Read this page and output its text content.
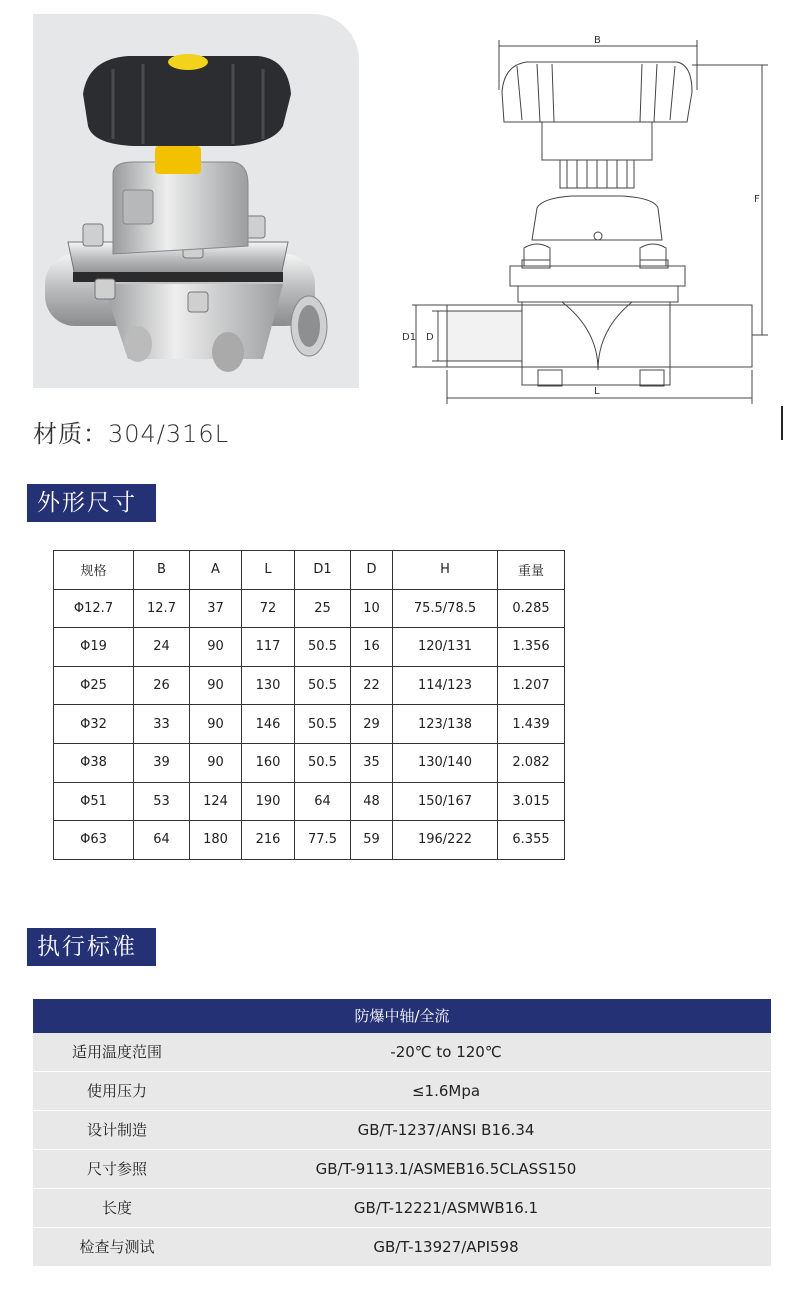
B
F
D1 D
L
材质：304/316L
外形尺寸
规格	B	A	L	D1	D	H	重量
Φ12.7	12.7	37	72	25	10	75.5/78.5	0.285
Φ19	24	90	117	50.5	16	120/131	1.356
Φ25	26	90	130	50.5	22	114/123	1.207
Φ32	33	90	146	50.5	29	123/138	1.439
Φ38	39	90	160	50.5	35	130/140	2.082
Φ51	53	124	190	64	48	150/167	3.015
Φ63	64	180	216	77.5	59	196/222	6.355
执行标准
防爆中轴/全流
适用温度范围	-20℃ to 120℃
使用压力	≤1.6Mpa
设计制造	GB/T-1237/ANSI B16.34
尺寸参照	GB/T-9113.1/ASMEB16.5CLASS150
长度	GB/T-12221/ASMWB16.1
检查与测试	GB/T-13927/API598
